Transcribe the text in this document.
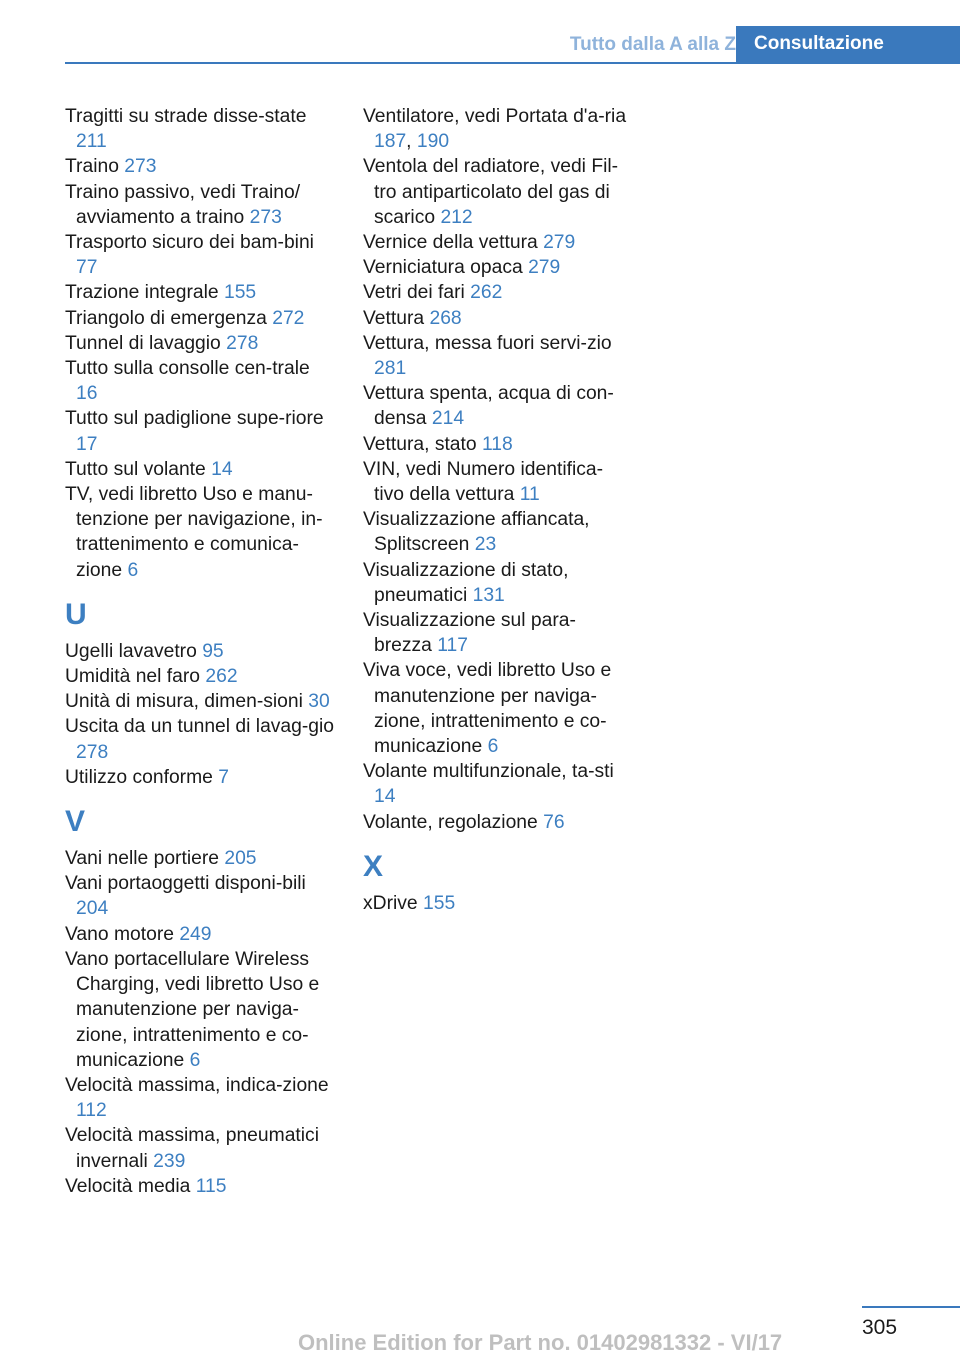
Tutto dalla A alla Z Consultazione
Tragitti su strade disse-state 211
Traino 273
Traino passivo, vedi Traino/ avviamento a traino 273
Trasporto sicuro dei bam-bini 77
Trazione integrale 155
Triangolo di emergenza 272
Tunnel di lavaggio 278
Tutto sulla consolle cen-trale 16
Tutto sul padiglione supe-riore 17
Tutto sul volante 14
TV, vedi libretto Uso e manu-tenzione per navigazione, in-trattenimento e comunica-zione 6
U
Ugelli lavavetro 95
Umidità nel faro 262
Unità di misura, dimen-sioni 30
Uscita da un tunnel di lavag-gio 278
Utilizzo conforme 7
V
Vani nelle portiere 205
Vani portaoggetti disponi-bili 204
Vano motore 249
Vano portacellulare Wireless Charging, vedi libretto Uso e manutenzione per naviga-zione, intrattenimento e co-municazione 6
Velocità massima, indica-zione 112
Velocità massima, pneumatici invernali 239
Velocità media 115
Ventilatore, vedi Portata d'a-ria 187, 190
Ventola del radiatore, vedi Fil-tro antiparticolato del gas di scarico 212
Vernice della vettura 279
Verniciatura opaca 279
Vetri dei fari 262
Vettura 268
Vettura, messa fuori servi-zio 281
Vettura spenta, acqua di con-densa 214
Vettura, stato 118
VIN, vedi Numero identifica-tivo della vettura 11
Visualizzazione affiancata, Splitscreen 23
Visualizzazione di stato, pneumatici 131
Visualizzazione sul para-brezza 117
Viva voce, vedi libretto Uso e manutenzione per naviga-zione, intrattenimento e co-municazione 6
Volante multifunzionale, ta-sti 14
Volante, regolazione 76
X
xDrive 155
305
Online Edition for Part no. 01402981332 - VI/17
